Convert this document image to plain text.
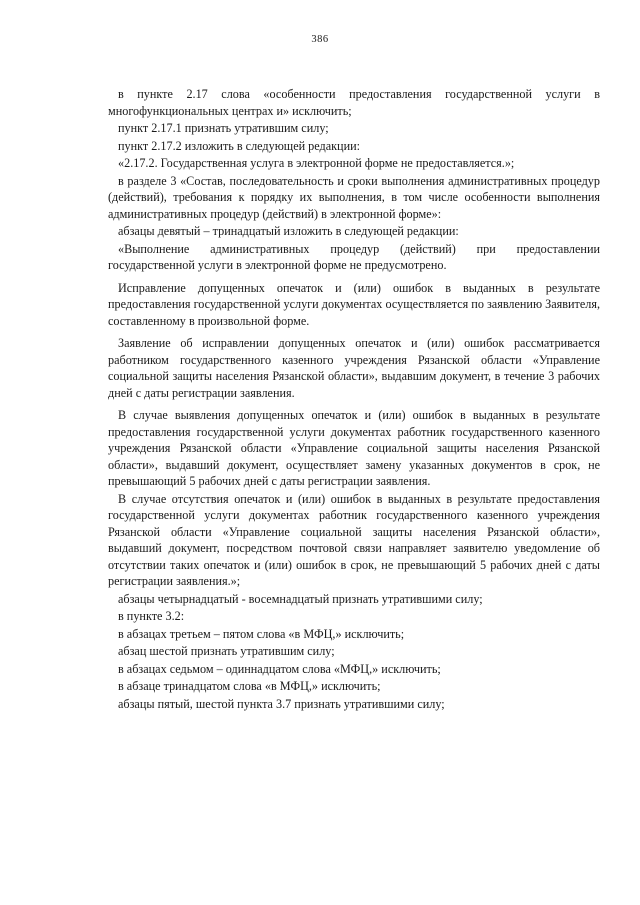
386

в пункте 2.17 слова «особенности предоставления государственной услуги в многофункциональных центрах и» исключить;

пункт 2.17.1 признать утратившим силу;

пункт 2.17.2 изложить в следующей редакции:

«2.17.2. Государственная услуга в электронной форме не предоставляется.»;

в разделе 3 «Состав, последовательность и сроки выполнения административных процедур (действий), требования к порядку их выполнения, в том числе особенности выполнения административных процедур (действий) в электронной форме»:

абзацы девятый – тринадцатый изложить в следующей редакции:

«Выполнение административных процедур (действий) при предоставлении государственной услуги в электронной форме не предусмотрено.

Исправление допущенных опечаток и (или) ошибок в выданных в результате предоставления государственной услуги документах осуществляется по заявлению Заявителя, составленному в произвольной форме.

Заявление об исправлении допущенных опечаток и (или) ошибок рассматривается работником государственного казенного учреждения Рязанской области «Управление социальной защиты населения Рязанской области», выдавшим документ, в течение 3 рабочих дней с даты регистрации заявления.

В случае выявления допущенных опечаток и (или) ошибок в выданных в результате предоставления государственной услуги документах работник государственного казенного учреждения Рязанской области «Управление социальной защиты населения Рязанской области», выдавший документ, осуществляет замену указанных документов в срок, не превышающий 5 рабочих дней с даты регистрации заявления.

В случае отсутствия опечаток и (или) ошибок в выданных в результате предоставления государственной услуги документах работник государственного казенного учреждения Рязанской области «Управление социальной защиты населения Рязанской области», выдавший документ, посредством почтовой связи направляет заявителю уведомление об отсутствии таких опечаток и (или) ошибок в срок, не превышающий 5 рабочих дней с даты регистрации заявления.»;

абзацы четырнадцатый - восемнадцатый признать утратившими силу;

в пункте 3.2:

в абзацах третьем – пятом слова «в МФЦ,» исключить;

абзац шестой признать утратившим силу;

в абзацах седьмом – одиннадцатом слова «МФЦ,» исключить;

в абзаце тринадцатом слова «в МФЦ,» исключить;

абзацы пятый, шестой пункта 3.7 признать утратившими силу;
